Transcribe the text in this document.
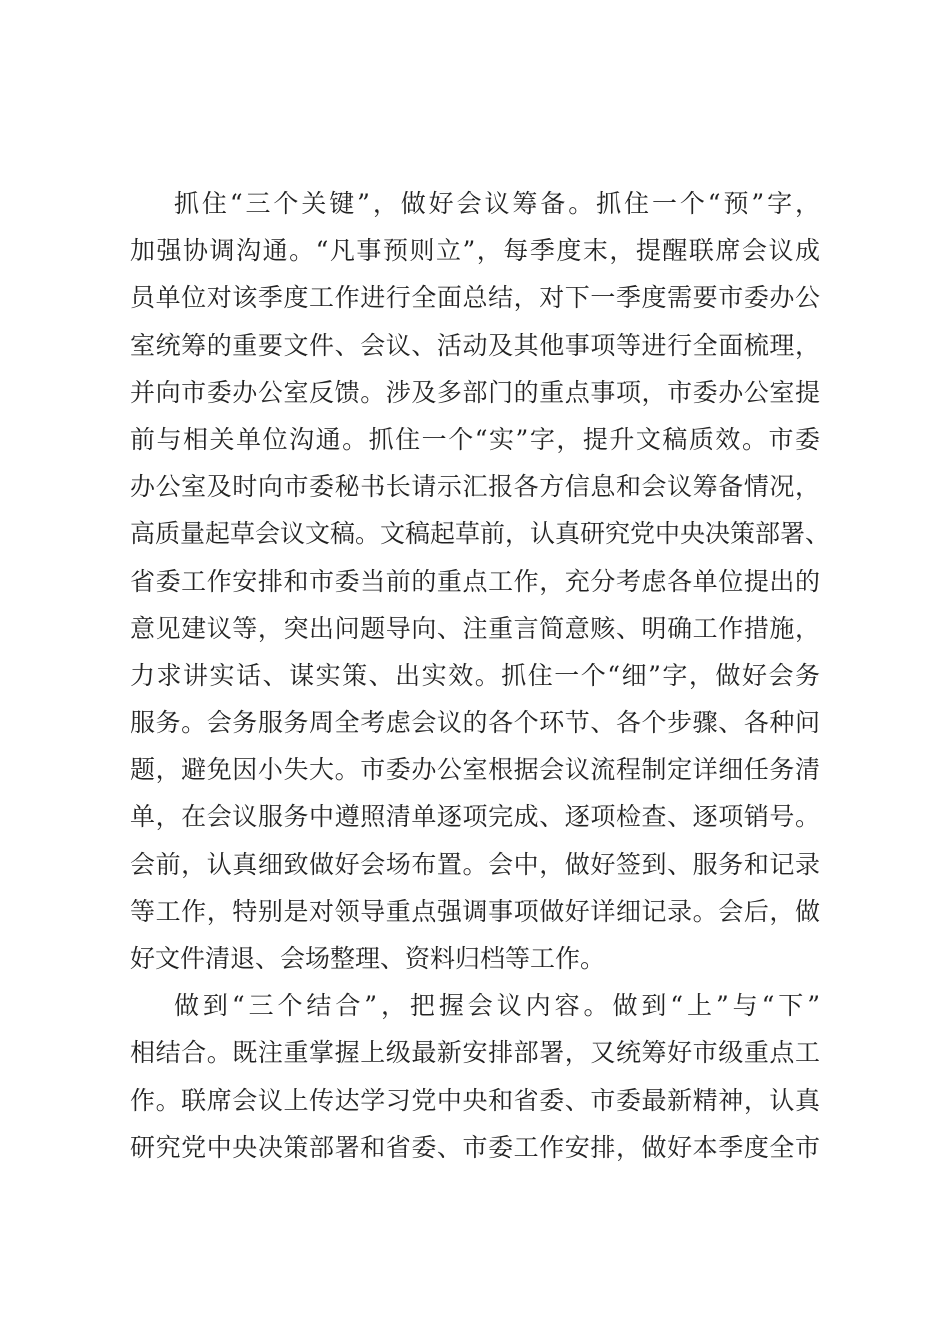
抓住“三个关键”，做好会议筹备。抓住一个“预”字，
加强协调沟通。“凡事预则立”，每季度末，提醒联席会议成
员单位对该季度工作进行全面总结，对下一季度需要市委办公
室统筹的重要文件、会议、活动及其他事项等进行全面梳理，
并向市委办公室反馈。涉及多部门的重点事项，市委办公室提
前与相关单位沟通。抓住一个“实”字，提升文稿质效。市委
办公室及时向市委秘书长请示汇报各方信息和会议筹备情况，
高质量起草会议文稿。文稿起草前，认真研究党中央决策部署、
省委工作安排和市委当前的重点工作，充分考虑各单位提出的
意见建议等，突出问题导向、注重言简意赅、明确工作措施，
力求讲实话、谋实策、出实效。抓住一个“细”字，做好会务
服务。会务服务周全考虑会议的各个环节、各个步骤、各种问
题，避免因小失大。市委办公室根据会议流程制定详细任务清
单，在会议服务中遵照清单逐项完成、逐项检查、逐项销号。
会前，认真细致做好会场布置。会中，做好签到、服务和记录
等工作，特别是对领导重点强调事项做好详细记录。会后，做
好文件清退、会场整理、资料归档等工作。
做到“三个结合”，把握会议内容。做到“上”与“下”
相结合。既注重掌握上级最新安排部署，又统筹好市级重点工
作。联席会议上传达学习党中央和省委、市委最新精神，认真
研究党中央决策部署和省委、市委工作安排，做好本季度全市
